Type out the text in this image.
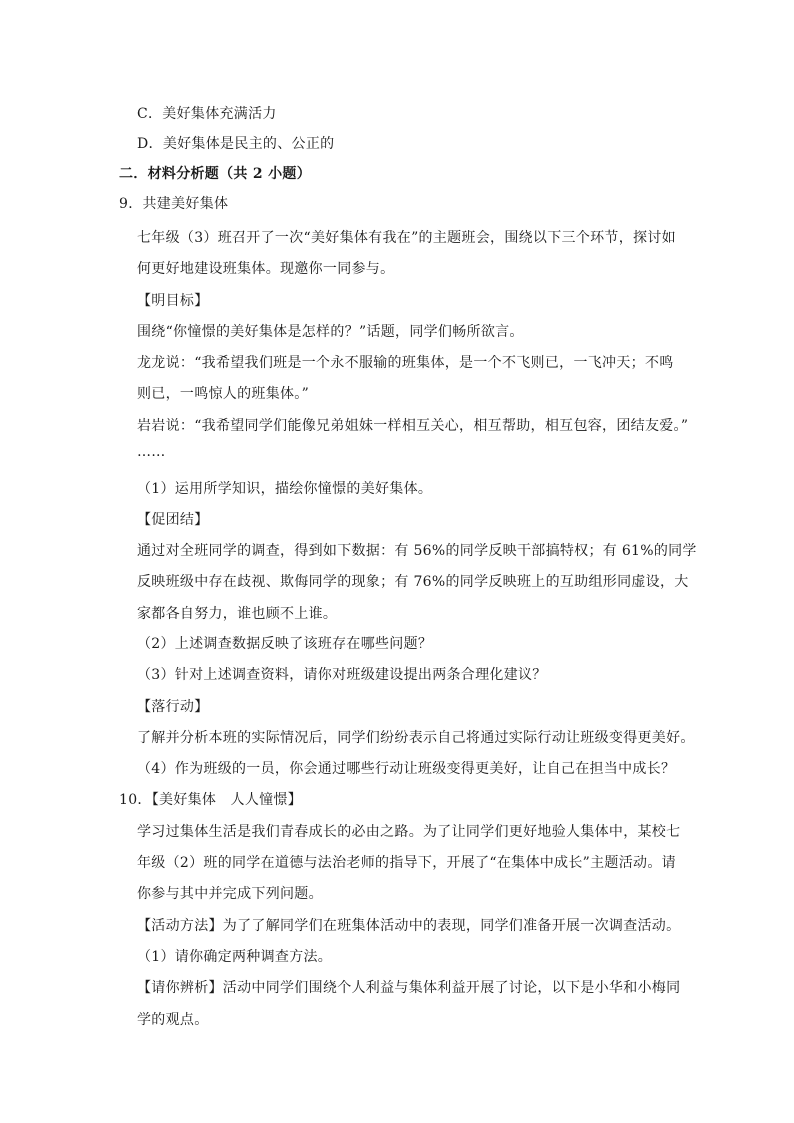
C．美好集体充满活力
D．美好集体是民主的、公正的
二．材料分析题（共 2 小题）
9．共建美好集体
七年级（3）班召开了一次“美好集体有我在”的主题班会，围绕以下三个环节，探讨如
何更好地建设班集体。现邀你一同参与。
【明目标】
围绕“你憧憬的美好集体是怎样的？”话题，同学们畅所欲言。
龙龙说：“我希望我们班是一个永不服输的班集体，是一个不飞则已，一飞冲天；不鸣
则已，一鸣惊人的班集体。”
岩岩说：“我希望同学们能像兄弟姐妹一样相互关心，相互帮助，相互包容，团结友爱。”
……
（1）运用所学知识，描绘你憧憬的美好集体。
【促团结】
通过对全班同学的调查，得到如下数据：有 56%的同学反映干部搞特权；有 61%的同学
反映班级中存在歧视、欺侮同学的现象；有 76%的同学反映班上的互助组形同虚设，大
家都各自努力，谁也顾不上谁。
（2）上述调查数据反映了该班存在哪些问题？
（3）针对上述调查资料，请你对班级建设提出两条合理化建议？
【落行动】
了解并分析本班的实际情况后，同学们纷纷表示自己将通过实际行动让班级变得更美好。
（4）作为班级的一员，你会通过哪些行动让班级变得更美好，让自己在担当中成长？
10．【美好集体　人人憧憬】
学习过集体生活是我们青春成长的必由之路。为了让同学们更好地验人集体中，某校七
年级（2）班的同学在道德与法治老师的指导下，开展了“在集体中成长”主题活动。请
你参与其中并完成下列问题。
【活动方法】为了了解同学们在班集体活动中的表现，同学们准备开展一次调查活动。
（1）请你确定两种调查方法。
【请你辨析】活动中同学们围绕个人利益与集体利益开展了讨论，以下是小华和小梅同
学的观点。
